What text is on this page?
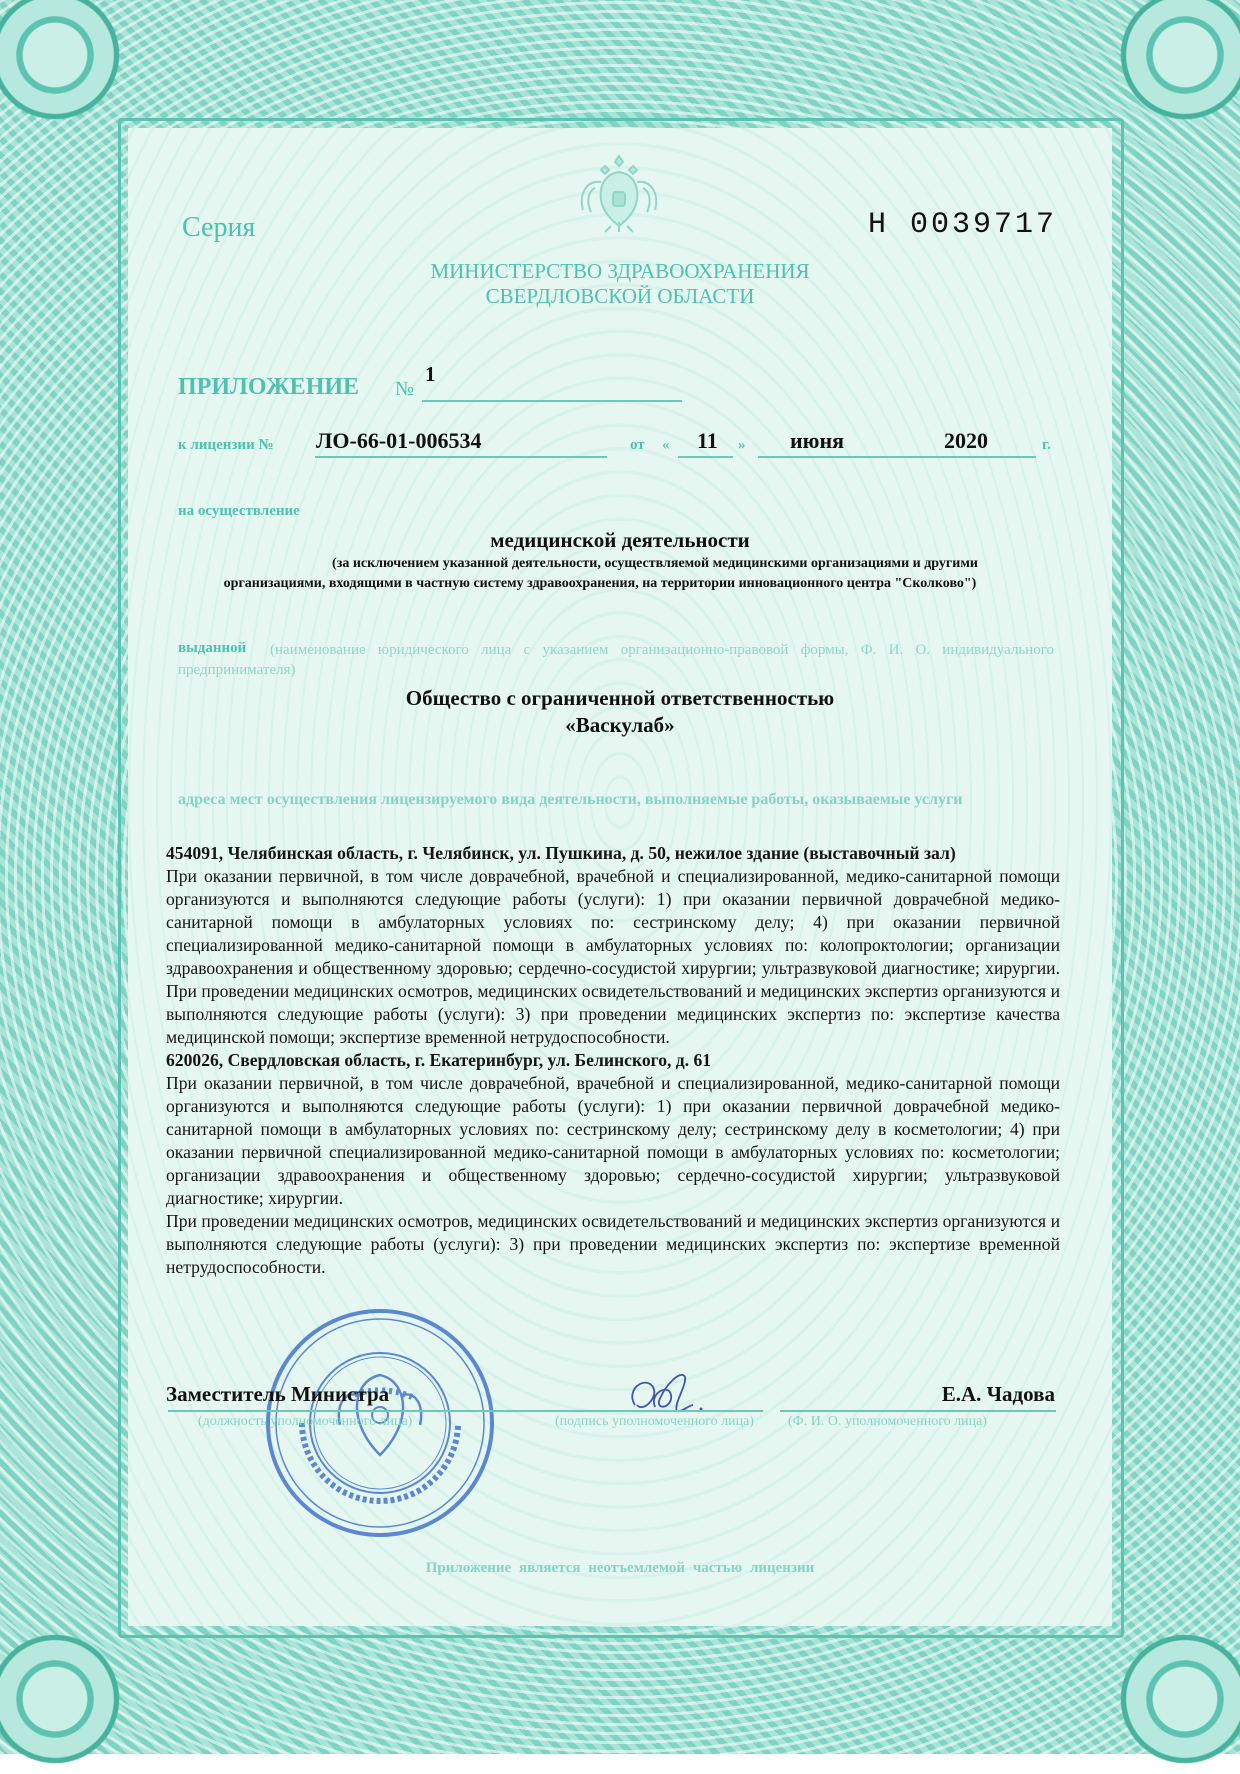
Серия	Н 0039717
МИНИСТЕРСТВО ЗДРАВООХРАНЕНИЯ
СВЕРДЛОВСКОЙ ОБЛАСТИ
ПРИЛОЖЕНИЕ №
1
к лицензии № ЛО-66-01-006534	от « 11 » июня	2020	г.
на осуществление
медицинской деятельности
(за исключением указанной деятельности, осуществляемой медицинскими организациями и другими организациями, входящими в частную систему здравоохранения, на территории инновационного центра "Сколково")
выданной	(наименование юридического лица с указанием организационно-правовой формы, Ф. И. О. индивидуального предпринимателя)
Общество с ограниченной ответственностью
«Васкулаб»
адреса мест осуществления лицензируемого вида деятельности, выполняемые работы, оказываемые услуги

454091, Челябинская область, г. Челябинск, ул. Пушкина, д. 50, нежилое здание (выставочный зал)

При оказании первичной, в том числе доврачебной, врачебной и специализированной, медико-санитарной помощи организуются и выполняются следующие работы (услуги): 1) при оказании первичной доврачебной медико-санитарной помощи в амбулаторных условиях по: сестринскому делу; 4) при оказании первичной специализированной медико-санитарной помощи в амбулаторных условиях по: колопроктологии; организации здравоохранения и общественному здоровью; сердечно-сосудистой хирургии; ультразвуковой диагностике; хирургии. При проведении медицинских осмотров, медицинских освидетельствований и медицинских экспертиз организуются и выполняются следующие работы (услуги): 3) при проведении медицинских экспертиз по: экспертизе качества медицинской помощи; экспертизе временной нетрудоспособности.

620026, Свердловская область, г. Екатеринбург, ул. Белинского, д. 61

При оказании первичной, в том числе доврачебной, врачебной и специализированной, медико-санитарной помощи организуются и выполняются следующие работы (услуги): 1) при оказании первичной доврачебной медико-санитарной помощи в амбулаторных условиях по: сестринскому делу; сестринскому делу в косметологии; 4) при оказании первичной специализированной медико-санитарной помощи в амбулаторных условиях по: косметологии; организации здравоохранения и общественному здоровью; сердечно-сосудистой хирургии; ультразвуковой диагностике; хирургии.

При проведении медицинских осмотров, медицинских освидетельствований и медицинских экспертиз организуются и выполняются следующие работы (услуги): 3) при проведении медицинских экспертиз по: экспертизе временной нетрудоспособности.

Заместитель Министра	Е.А. Чадова
(должность уполномоченного лица)	(подпись уполномоченного лица) (Ф. И. О. уполномоченного лица)
Приложение является неотъемлемой частью лицензии
